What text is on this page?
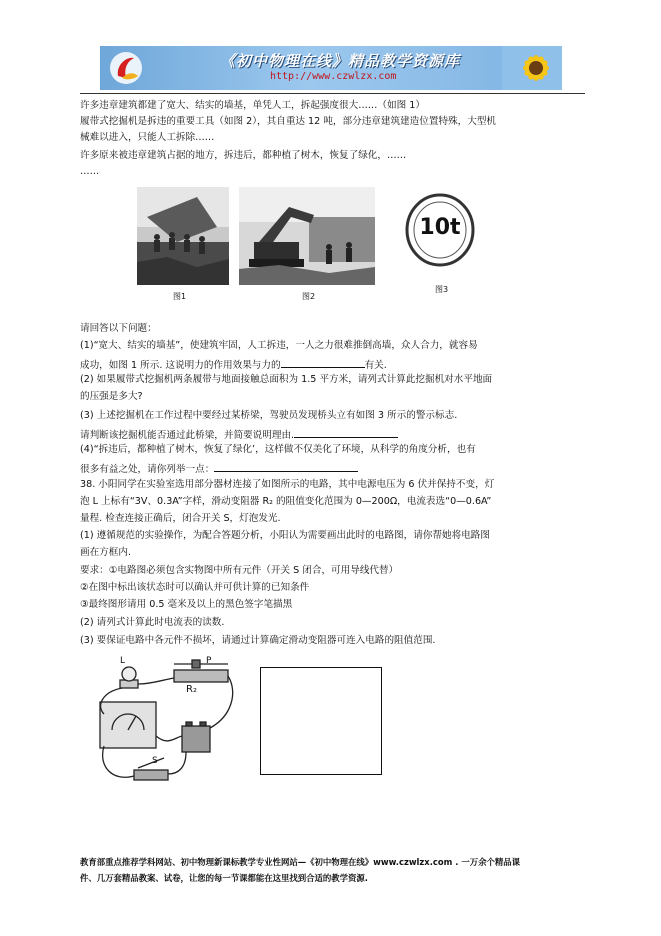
《初中物理在线》精品教学资源库
http://www.czwlzx.com
许多违章建筑都建了宽大、结实的墙基，单凭人工，拆起强度很大……（如图 1）
履带式挖掘机是拆违的重要工具（如图 2），其自重达 12 吨，部分违章建筑建造位置特殊，大型机
械难以进入，只能人工拆除……
许多原来被违章建筑占据的地方，拆违后，都种植了树木，恢复了绿化，……
……
图1	图2
10t
图3
请回答以下问题：
(1)“宽大、结实的墙基”，使建筑牢固，人工拆违，一人之力很难推倒高墙，众人合力，就容易
成功，如图 1 所示. 这说明力的作用效果与力的	有关.
(2) 如果履带式挖掘机两条履带与地面接触总面积为 1.5 平方米，请列式计算此挖掘机对水平地面
的压强是多大?
(3) 上述挖掘机在工作过程中要经过某桥梁，驾驶员发现桥头立有如图 3 所示的警示标志.
请判断该挖掘机能否通过此桥梁，并简要说明理由.
(4)“拆违后，都种植了树木，恢复了绿化’，这样做不仅美化了环境，从科学的角度分析，也有
很多有益之处，请你列举一点：
38. 小阳同学在实验室选用部分器材连接了如图所示的电路，其中电源电压为 6 伏并保持不变，灯
泡 L 上标有“3V、0.3A”字样，滑动变阻器 R₂ 的阻值变化范围为 0—200Ω，电流表选“0—0.6A”
量程. 检查连接正确后，闭合开关 S，灯泡发光.
(1) 遵循规范的实验操作，为配合答题分析，小阳认为需要画出此时的电路图，请你帮她将电路图
画在方框内.
要求：①电路图必须包含实物图中所有元件（开关 S 闭合，可用导线代替）
②在图中标出该状态时可以确认并可供计算的已知条件
③最终图形请用 0.5 毫米及以上的黑色签字笔描黑
(2) 请列式计算此时电流表的读数.
(3) 要保证电路中各元件不损坏，请通过计算确定滑动变阻器可连入电路的阻值范围.
L	P
R₂
S
教育部重点推荐学科网站、初中物理新课标教学专业性网站—《初中物理在线》www.czwlzx.com . 一万余个精品课
件、几万套精品教案、试卷，让您的每一节课都能在这里找到合适的教学资源.
